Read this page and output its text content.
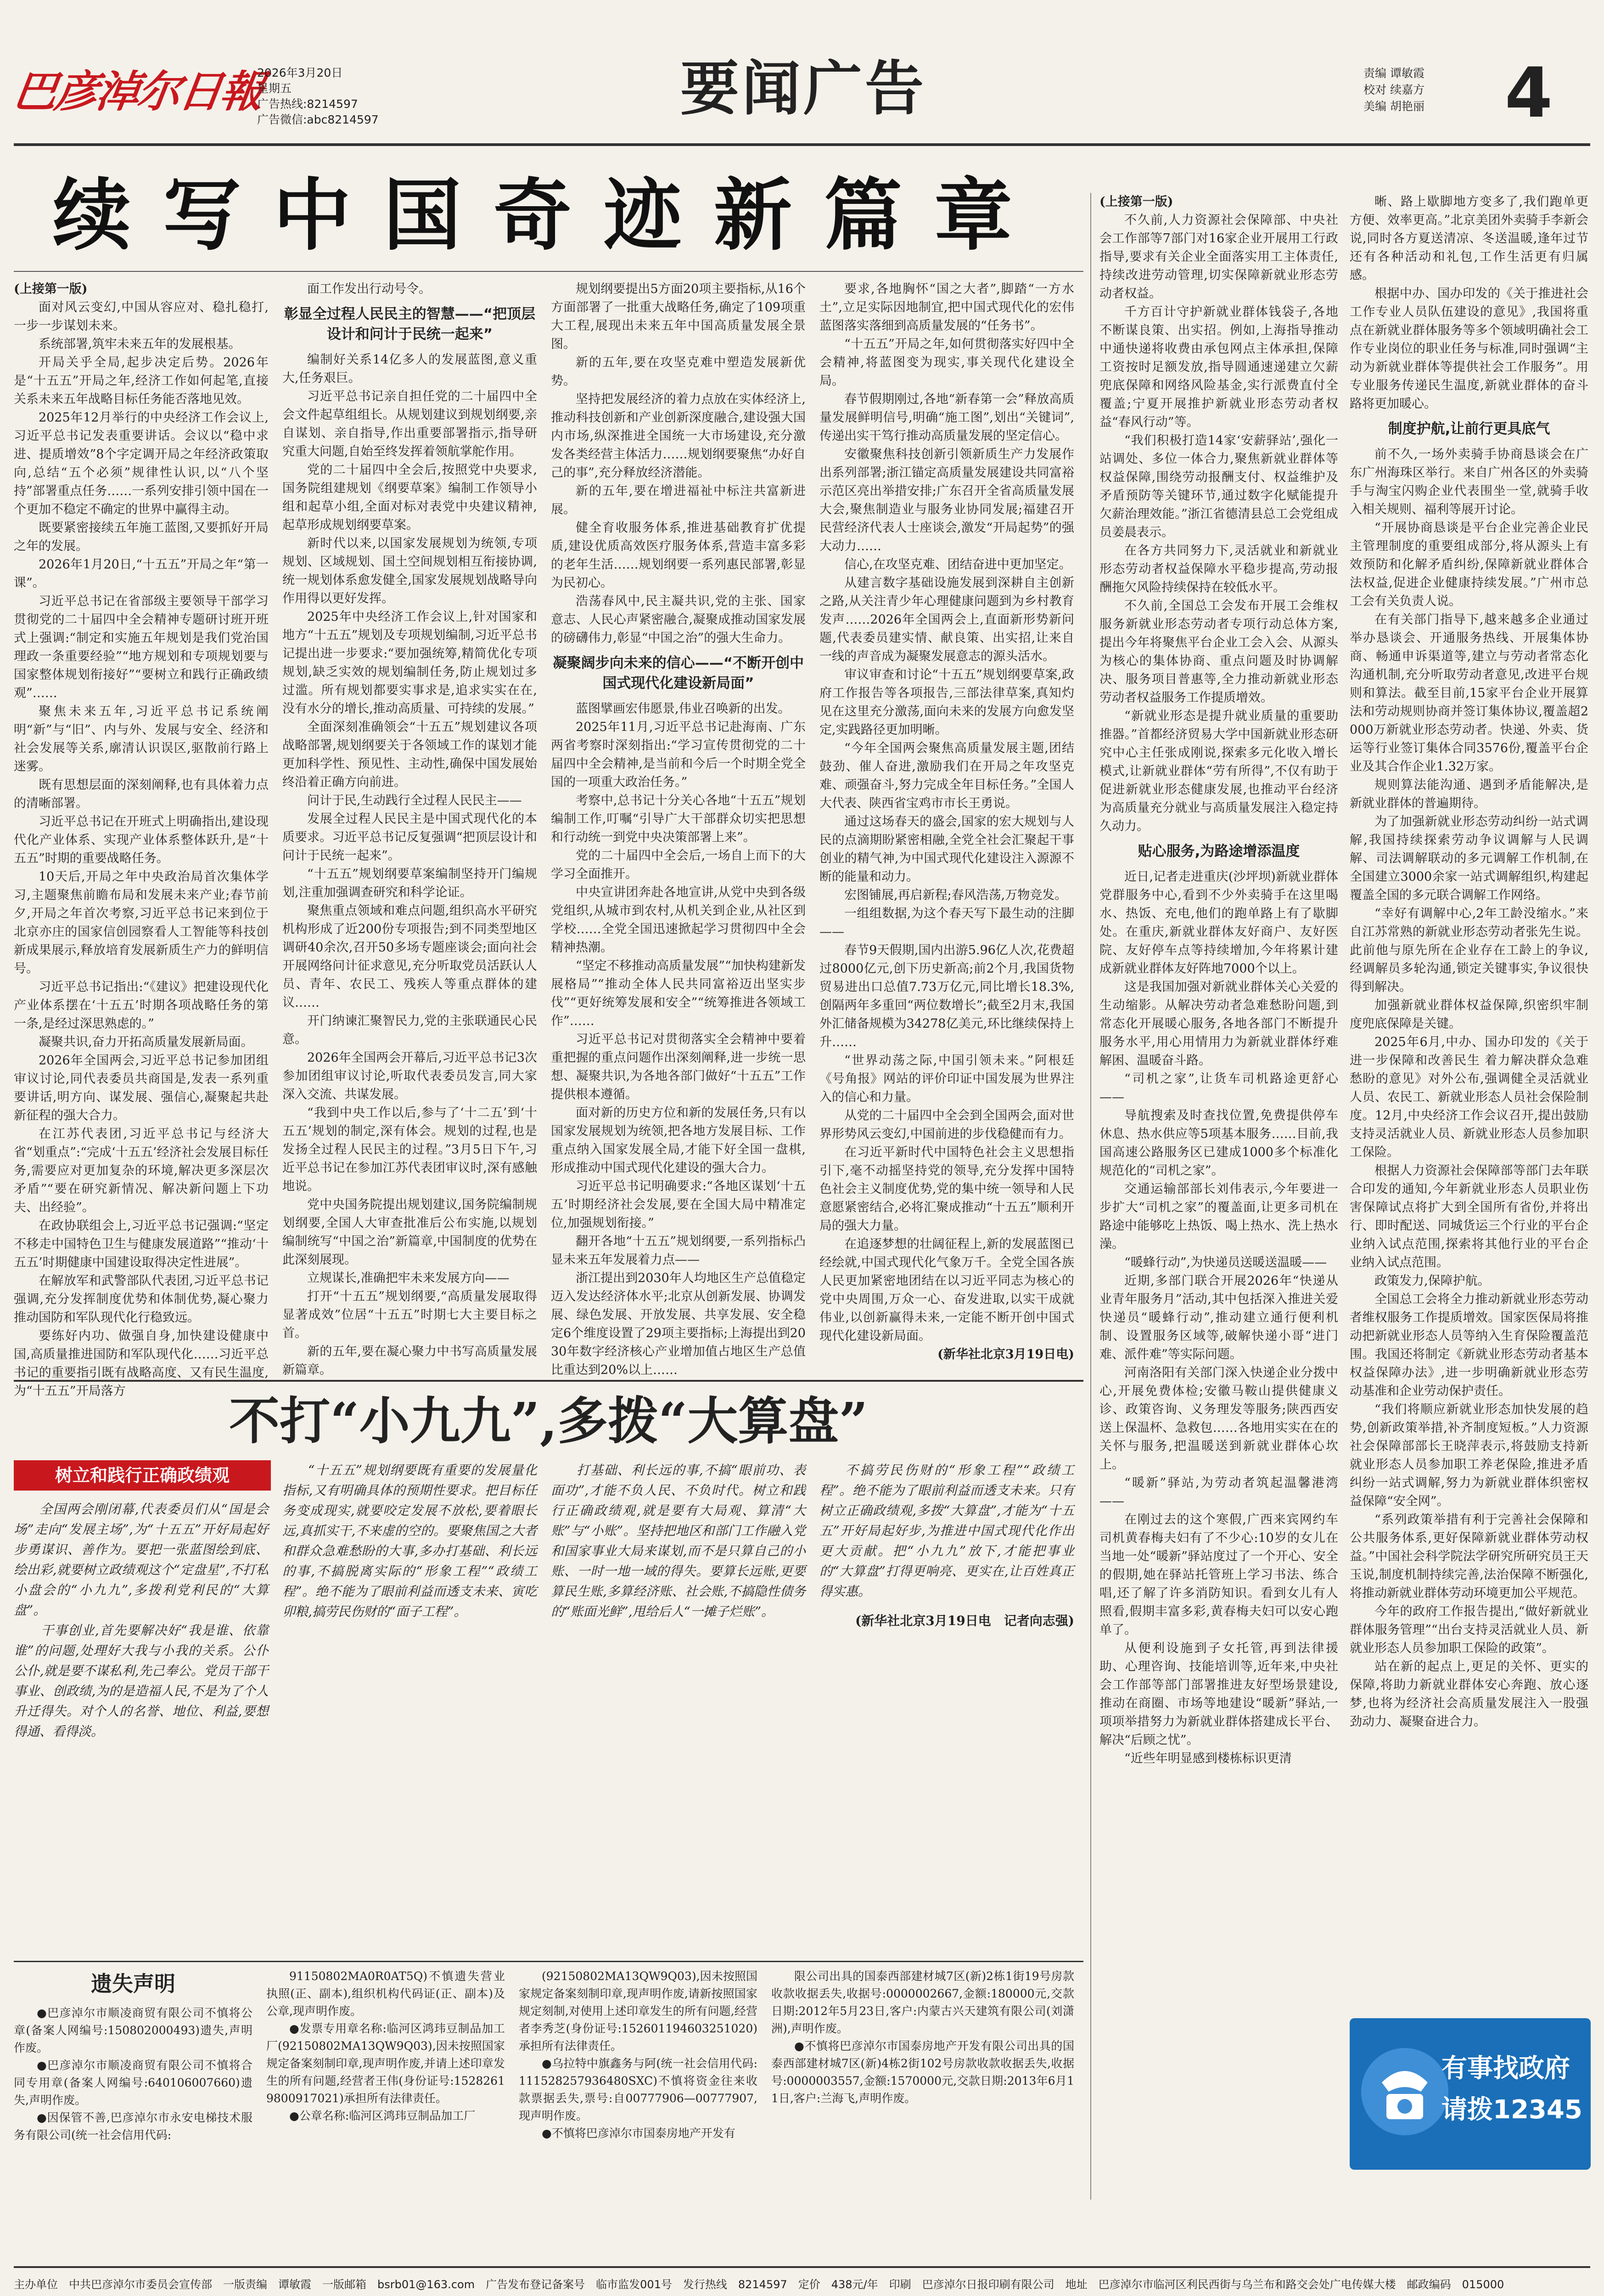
巴彦淖尔日報
2026年3月20日
星期五
广告热线:8214597
广告微信:abc8214597	要闻广告	责编 谭敏霞
校对 续嘉方
美编 胡艳丽	4
续写中国奇迹新篇章

(上接第一版)

面对风云变幻,中国从容应对、稳扎稳打,一步一步谋划未来。

系统部署,筑牢未来五年的发展根基。

开局关乎全局,起步决定后势。2026年是“十五五”开局之年,经济工作如何起笔,直接关系未来五年战略目标任务能否落地见效。

2025年12月举行的中央经济工作会议上,习近平总书记发表重要讲话。会议以“稳中求进、提质增效”8个字定调开局之年经济政策取向,总结“五个必须”规律性认识,以“八个坚持”部署重点任务……一系列安排引领中国在一个更加不稳定不确定的世界中赢得主动。

既要紧密接续五年施工蓝图,又要抓好开局之年的发展。

2026年1月20日,“十五五”开局之年“第一课”。

习近平总书记在省部级主要领导干部学习贯彻党的二十届四中全会精神专题研讨班开班式上强调:“制定和实施五年规划是我们党治国理政一条重要经验”“地方规划和专项规划要与国家整体规划衔接好”“要树立和践行正确政绩观”……

聚焦未来五年,习近平总书记系统阐明“新”与“旧”、内与外、发展与安全、经济和社会发展等关系,廓清认识误区,驱散前行路上迷雾。

既有思想层面的深刻阐释,也有具体着力点的清晰部署。

习近平总书记在开班式上明确指出,建设现代化产业体系、实现产业体系整体跃升,是“十五五”时期的重要战略任务。

10天后,开局之年中央政治局首次集体学习,主题聚焦前瞻布局和发展未来产业;春节前夕,开局之年首次考察,习近平总书记来到位于北京亦庄的国家信创园察看人工智能等科技创新成果展示,释放培育发展新质生产力的鲜明信号。

习近平总书记指出:“《建议》把建设现代化产业体系摆在‘十五五’时期各项战略任务的第一条,是经过深思熟虑的。”

凝聚共识,奋力开拓高质量发展新局面。

2026年全国两会,习近平总书记参加团组审议讨论,同代表委员共商国是,发表一系列重要讲话,明方向、谋发展、强信心,凝聚起共赴新征程的强大合力。

在江苏代表团,习近平总书记与经济大省“划重点”:“完成‘十五五’经济社会发展目标任务,需要应对更加复杂的环境,解决更多深层次矛盾”“要在研究新情况、解决新问题上下功夫、出经验”。

在政协联组会上,习近平总书记强调:“坚定不移走中国特色卫生与健康发展道路”“推动‘十五五’时期健康中国建设取得决定性进展”。

在解放军和武警部队代表团,习近平总书记强调,充分发挥制度优势和体制优势,凝心聚力推动国防和军队现代化行稳致远。

要练好内功、做强自身,加快建设健康中国,高质量推进国防和军队现代化……习近平总书记的重要指引既有战略高度、又有民生温度,为“十五五”开局落方

面工作发出行动号令。

彰显全过程人民民主的智慧——“把顶层设计和问计于民统一起来”

编制好关系14亿多人的发展蓝图,意义重大,任务艰巨。

习近平总书记亲自担任党的二十届四中全会文件起草组组长。从规划建议到规划纲要,亲自谋划、亲自指导,作出重要部署指示,指导研究重大问题,自始至终发挥着领航掌舵作用。

党的二十届四中全会后,按照党中央要求,国务院组建规划《纲要草案》编制工作领导小组和起草小组,全面对标对表党中央建议精神,起草形成规划纲要草案。

新时代以来,以国家发展规划为统领,专项规划、区域规划、国土空间规划相互衔接协调,统一规划体系愈发健全,国家发展规划战略导向作用得以更好发挥。

2025年中央经济工作会议上,针对国家和地方“十五五”规划及专项规划编制,习近平总书记提出进一步要求:“要加强统筹,精简优化专项规划,缺乏实效的规划编制任务,防止规划过多过滥。所有规划都要实事求是,追求实实在在,没有水分的增长,推动高质量、可持续的发展。”

全面深刻准确领会“十五五”规划建议各项战略部署,规划纲要关于各领域工作的谋划才能更加科学性、预见性、主动性,确保中国发展始终沿着正确方向前进。

问计于民,生动践行全过程人民民主——

发展全过程人民民主是中国式现代化的本质要求。习近平总书记反复强调“把顶层设计和问计于民统一起来”。

“十五五”规划纲要草案编制坚持开门编规划,注重加强调查研究和科学论证。

聚焦重点领域和难点问题,组织高水平研究机构形成了近200份专项报告;到不同类型地区调研40余次,召开50多场专题座谈会;面向社会开展网络问计征求意见,充分听取党员活跃认人员、青年、农民工、残疾人等重点群体的建议……

开门纳谏汇聚智民力,党的主张联通民心民意。

2026年全国两会开幕后,习近平总书记3次参加团组审议讨论,听取代表委员发言,同大家深入交流、共谋发展。

“我到中央工作以后,参与了‘十二五’到‘十五五’规划的制定,深有体会。规划的过程,也是发扬全过程人民民主的过程。”3月5日下午,习近平总书记在参加江苏代表团审议时,深有感触地说。

党中央国务院提出规划建议,国务院编制规划纲要,全国人大审查批准后公布实施,以规划编制统写“中国之治”新篇章,中国制度的优势在此深刻展现。

立规谋长,准确把牢未来发展方向——

打开“十五五”规划纲要,“高质量发展取得显著成效”位居“十五五”时期七大主要目标之首。

新的五年,要在凝心聚力中书写高质量发展新篇章。

规划纲要提出5方面20项主要指标,从16个方面部署了一批重大战略任务,确定了109项重大工程,展现出未来五年中国高质量发展全景图。

新的五年,要在攻坚克难中塑造发展新优势。

坚持把发展经济的着力点放在实体经济上,推动科技创新和产业创新深度融合,建设强大国内市场,纵深推进全国统一大市场建设,充分激发各类经营主体活力……规划纲要聚焦“办好自己的事”,充分释放经济潜能。

新的五年,要在增进福祉中标注共富新进展。

健全育收服务体系,推进基础教育扩优提质,建设优质高效医疗服务体系,营造丰富多彩的老年生活……规划纲要一系列惠民部署,彰显为民初心。

浩荡春风中,民主凝共识,党的主张、国家意志、人民心声紧密融合,凝聚成推动国家发展的磅礴伟力,彰显“中国之治”的强大生命力。

凝聚阔步向未来的信心——“不断开创中国式现代化建设新局面”

蓝图擘画宏伟愿景,伟业召唤新的出发。

2025年11月,习近平总书记赴海南、广东两省考察时深刻指出:“学习宣传贯彻党的二十届四中全会精神,是当前和今后一个时期全党全国的一项重大政治任务。”

考察中,总书记十分关心各地“十五五”规划编制工作,叮嘱“引导广大干部群众切实把思想和行动统一到党中央决策部署上来”。

党的二十届四中全会后,一场自上而下的大学习全面推开。

中央宣讲团奔赴各地宣讲,从党中央到各级党组织,从城市到农村,从机关到企业,从社区到学校……全党全国迅速掀起学习贯彻四中全会精神热潮。

“坚定不移推动高质量发展”“加快构建新发展格局”“推动全体人民共同富裕迈出坚实步伐”“更好统筹发展和安全”“统筹推进各领域工作”……

习近平总书记对贯彻落实全会精神中要着重把握的重点问题作出深刻阐释,进一步统一思想、凝聚共识,为各地各部门做好“十五五”工作提供根本遵循。

面对新的历史方位和新的发展任务,只有以国家发展规划为统领,把各地方发展目标、工作重点纳入国家发展全局,才能下好全国一盘棋,形成推动中国式现代化建设的强大合力。

习近平总书记明确要求:“各地区谋划‘十五五’时期经济社会发展,要在全国大局中精准定位,加强规划衔接。”

翻开各地“十五五”规划纲要,一系列指标凸显未来五年发展着力点——

浙江提出到2030年人均地区生产总值稳定迈入发达经济体水平;北京从创新发展、协调发展、绿色发展、开放发展、共享发展、安全稳定6个维度设置了29项主要指标;上海提出到2030年数字经济核心产业增加值占地区生产总值比重达到20%以上……

要求,各地胸怀“国之大者”,脚踏“一方水土”,立足实际因地制宜,把中国式现代化的宏伟蓝图落实落细到高质量发展的“任务书”。

“十五五”开局之年,如何贯彻落实好四中全会精神,将蓝图变为现实,事关现代化建设全局。

春节假期刚过,各地“新春第一会”释放高质量发展鲜明信号,明确“施工图”,划出“关键词”,传递出实干笃行推动高质量发展的坚定信心。

安徽聚焦科技创新引领新质生产力发展作出系列部署;浙江锚定高质量发展建设共同富裕示范区亮出举措安排;广东召开全省高质量发展大会,聚焦制造业与服务业协同发展;福建召开民营经济代表人士座谈会,激发“开局起势”的强大动力……

信心,在攻坚克难、团结奋进中更加坚定。

从建言数字基础设施发展到深耕自主创新之路,从关注青少年心理健康问题到为乡村教育发声……2026年全国两会上,直面新形势新问题,代表委员建实情、献良策、出实招,让来自一线的声音成为凝聚发展意志的源头活水。

审议审查和讨论“十五五”规划纲要草案,政府工作报告等各项报告,三部法律草案,真知灼见在这里充分激荡,面向未来的发展方向愈发坚定,实践路径更加明晰。

“今年全国两会聚焦高质量发展主题,团结鼓劲、催人奋进,激励我们在开局之年攻坚克难、顽强奋斗,努力完成全年目标任务。”全国人大代表、陕西省宝鸡市市长王勇说。

通过这场春天的盛会,国家的宏大规划与人民的点滴期盼紧密相融,全党全社会汇聚起干事创业的精气神,为中国式现代化建设注入源源不断的能量和动力。

宏图铺展,再启新程;春风浩荡,万物竞发。

一组组数据,为这个春天写下最生动的注脚——

春节9天假期,国内出游5.96亿人次,花费超过8000亿元,创下历史新高;前2个月,我国货物贸易进出口总值7.73万亿元,同比增长18.3%,创隔两年多重回“两位数增长”;截至2月末,我国外汇储备规模为34278亿美元,环比继续保持上升……

“世界动荡之际,中国引领未来。”阿根廷《号角报》网站的评价印证中国发展为世界注入的信心和力量。

从党的二十届四中全会到全国两会,面对世界形势风云变幻,中国前进的步伐稳健而有力。

在习近平新时代中国特色社会主义思想指引下,毫不动摇坚持党的领导,充分发挥中国特色社会主义制度优势,党的集中统一领导和人民意愿紧密结合,必将汇聚成推动“十五五”顺利开局的强大力量。

在追逐梦想的壮阔征程上,新的发展蓝图已经绘就,中国式现代化气象万千。全党全国各族人民更加紧密地团结在以习近平同志为核心的党中央周围,万众一心、奋发进取,以实干成就伟业,以创新赢得未来,一定能不断开创中国式现代化建设新局面。

(新华社北京3月19日电)

(上接第一版)

不久前,人力资源社会保障部、中央社会工作部等7部门对16家企业开展用工行政指导,要求有关企业全面落实用工主体责任,持续改进劳动管理,切实保障新就业形态劳动者权益。

千方百计守护新就业群体钱袋子,各地不断谋良策、出实招。例如,上海指导推动中通快递将收费由承包网点主体承担,保障工资按时足额发放,指导圆通速递建立欠薪兜底保障和网络风险基金,实行派费直付全覆盖;宁夏开展推护新就业形态劳动者权益“春风行动”等。

“我们积极打造14家‘安薪驿站’,强化一站调处、多位一体合力,聚焦新就业群体等权益保障,围绕劳动报酬支付、权益维护及矛盾预防等关键环节,通过数字化赋能提升欠薪治理效能。”浙江省德清县总工会党组成员姜晨表示。

在各方共同努力下,灵活就业和新就业形态劳动者权益保障水平稳步提高,劳动报酬拖欠风险持续保持在较低水平。

不久前,全国总工会发布开展工会维权服务新就业形态劳动者专项行动总体方案,提出今年将聚焦平台企业工会入会、从源头为核心的集体协商、重点问题及时协调解决、服务项目普惠等,全力推动新就业形态劳动者权益服务工作提质增效。

“新就业形态是提升就业质量的重要助推器。”首都经济贸易大学中国新就业形态研究中心主任张成刚说,探索多元化收入增长模式,让新就业群体“劳有所得”,不仅有助于促进新就业形态健康发展,也推动平台经济为高质量充分就业与高质量发展注入稳定持久动力。

贴心服务,为路途增添温度

近日,记者走进重庆(沙坪坝)新就业群体党群服务中心,看到不少外卖骑手在这里喝水、热饭、充电,他们的跑单路上有了歇脚处。在重庆,新就业群体友好商户、友好医院、友好停车点等持续增加,今年将累计建成新就业群体友好阵地7000个以上。

这是我国加强对新就业群体关心关爱的生动缩影。从解决劳动者急难愁盼问题,到常态化开展暖心服务,各地各部门不断提升服务水平,用心用情用力为新就业群体纾难解困、温暖奋斗路。

“司机之家”,让货车司机路途更舒心——

导航搜索及时查找位置,免费提供停车休息、热水供应等5项基本服务……目前,我国高速公路服务区已建成1000多个标准化规范化的“司机之家”。

交通运输部部长刘伟表示,今年要进一步扩大“司机之家”的覆盖面,让更多司机在路途中能够吃上热饭、喝上热水、洗上热水澡。

“暖蜂行动”,为快递员送暖送温暖——

近期,多部门联合开展2026年“快递从业青年服务月”活动,其中包括深入推进关爱快递员“暖蜂行动”,推动建立通行便利机制、设置服务区域等,破解快递小哥“进门难、派件难”等实际问题。

河南洛阳有关部门深入快递企业分拨中心,开展免费体检;安徽马鞍山提供健康义诊、政策咨询、义务理发等服务;陕西西安送上保温杯、急救包……各地用实实在在的关怀与服务,把温暖送到新就业群体心坎上。

“暖新”驿站,为劳动者筑起温馨港湾——

在刚过去的这个寒假,广西来宾网约车司机黄春梅夫妇有了不少心:10岁的女儿在当地一处“暖新”驿站度过了一个开心、安全的假期,她在驿站托管班上学习书法、练合唱,还了解了许多消防知识。看到女儿有人照看,假期丰富多彩,黄春梅夫妇可以安心跑单了。

从便利设施到子女托管,再到法律援助、心理咨询、技能培训等,近年来,中央社会工作部等部门部署推进友好型场景建设,推动在商圈、市场等地建设“暖新”驿站,一项项举措努力为新就业群体搭建成长平台、解决“后顾之忧”。

“近些年明显感到楼栋标识更清

晰、路上歇脚地方变多了,我们跑单更方便、效率更高。”北京美团外卖骑手李新会说,同时各方夏送清凉、冬送温暖,逢年过节还有各种活动和礼包,工作生活更有归属感。

根据中办、国办印发的《关于推进社会工作专业人员队伍建设的意见》,我国将重点在新就业群体服务等多个领域明确社会工作专业岗位的职业任务与标准,同时强调“主动为新就业群体等提供社会工作服务”。用专业服务传递民生温度,新就业群体的奋斗路将更加暖心。

制度护航,让前行更具底气

前不久,一场外卖骑手协商恳谈会在广东广州海珠区举行。来自广州各区的外卖骑手与淘宝闪购企业代表围坐一堂,就骑手收入相关规则、福利等展开讨论。

“开展协商恳谈是平台企业完善企业民主管理制度的重要组成部分,将从源头上有效预防和化解矛盾纠纷,保障新就业群体合法权益,促进企业健康持续发展。”广州市总工会有关负责人说。

在有关部门指导下,越来越多企业通过举办恳谈会、开通服务热线、开展集体协商、畅通申诉渠道等,建立与劳动者常态化沟通机制,充分听取劳动者意见,改进平台规则和算法。截至目前,15家平台企业开展算法和劳动规则协商并签订集体协议,覆盖超2000万新就业形态劳动者。快递、外卖、货运等行业签订集体合同3576份,覆盖平台企业及其合作企业1.32万家。

规则算法能沟通、遇到矛盾能解决,是新就业群体的普遍期待。

为了加强新就业形态劳动纠纷一站式调解,我国持续探索劳动争议调解与人民调解、司法调解联动的多元调解工作机制,在全国建立3000余家一站式调解组织,构建起覆盖全国的多元联合调解工作网络。

“幸好有调解中心,2年工龄没缩水。”来自江苏常熟的新就业形态劳动者张先生说。此前他与原先所在企业存在工龄上的争议,经调解员多轮沟通,锁定关键事实,争议很快得到解决。

加强新就业群体权益保障,织密织牢制度兜底保障是关键。

2025年6月,中办、国办印发的《关于进一步保障和改善民生 着力解决群众急难愁盼的意见》对外公布,强调健全灵活就业人员、农民工、新就业形态人员社会保险制度。12月,中央经济工作会议召开,提出鼓励支持灵活就业人员、新就业形态人员参加职工保险。

根据人力资源社会保障部等部门去年联合印发的通知,今年新就业形态人员职业伤害保障试点将扩大到全国所有省份,并将出行、即时配送、同城货运三个行业的平台企业纳入试点范围,探索将其他行业的平台企业纳入试点范围。

政策发力,保障护航。

全国总工会将全力推动新就业形态劳动者维权服务工作提质增效。国家医保局将推动把新就业形态人员等纳入生育保险覆盖范围。我国还将制定《新就业形态劳动者基本权益保障办法》,进一步明确新就业形态劳动基准和企业劳动保护责任。

“我们将顺应新就业形态加快发展的趋势,创新政策举措,补齐制度短板。”人力资源社会保障部部长王晓萍表示,将鼓励支持新就业形态人员参加职工养老保险,推进矛盾纠纷一站式调解,努力为新就业群体织密权益保障“安全网”。

“系列政策举措有利于完善社会保障和公共服务体系,更好保障新就业群体劳动权益。”中国社会科学院法学研究所研究员王天玉说,制度机制持续完善,法治保障不断强化,将推动新就业群体劳动环境更加公平规范。

今年的政府工作报告提出,“做好新就业群体服务管理”“出台支持灵活就业人员、新就业形态人员参加职工保险的政策”。

站在新的起点上,更足的关怀、更实的保障,将助力新就业群体安心奔跑、放心逐梦,也将为经济社会高质量发展注入一股强劲动力、凝聚奋进合力。

有事找政府
请拨12345
不打“小九九”,多拨“大算盘”
树立和践行正确政绩观

全国两会刚闭幕,代表委员们从“国是会场”走向“发展主场”,为“十五五”开好局起好步勇谋识、善作为。要把一张蓝图绘到底、绘出彩,就要树立政绩观这个“定盘星”,不打私小盘会的“小九九”,多拨利党利民的“大算盘”。
　　干事创业,首先要解决好“我是谁、依靠谁”的问题,处理好大我与小我的关系。公仆公仆,就是要不谋私利,先己奉公。党员干部干事业、创政绩,为的是造福人民,不是为了个人升迁得失。对个人的名誉、地位、利益,要想得通、看得淡。

“十五五”规划纲要既有重要的发展量化指标,又有明确具体的预期性要求。把目标任务变成现实,就要咬定发展不放松,要着眼长远,真抓实干,不来虚的空的。要聚焦国之大者和群众急难愁盼的大事,多办打基础、利长远的事,不搞脱离实际的“形象工程”“政绩工程”。绝不能为了眼前利益而透支未来、寅吃卯粮,搞劳民伤财的“面子工程”。

打基础、利长远的事,不搞“眼前功、表面功”,才能不负人民、不负时代。树立和践行正确政绩观,就是要有大局观、算清“大账”与“小账”。坚持把地区和部门工作融入党和国家事业大局来谋划,而不是只算自己的小账、一时一地一域的得失。要算长远账,更要算民生账,多算经济账、社会账,不搞隐性债务的“账面光鲜”,甩给后人“一摊子烂账”。

不搞劳民伤财的“形象工程”“政绩工程”。绝不能为了眼前利益而透支未来。只有树立正确政绩观,多拨“大算盘”,才能为“十五五”开好局起好步,为推进中国式现代化作出更大贡献。把“小九九”放下,才能把事业的“大算盘”打得更响亮、更实在,让百姓真正得实惠。

(新华社北京3月19日电　记者向志强)

遗失声明

●巴彦淖尔市顺凌商贸有限公司不慎将公章(备案人网编号:150802000493)遗失,声明作废。

●巴彦淖尔市顺凌商贸有限公司不慎将合同专用章(备案人网编号:640106007660)遗失,声明作废。

●因保管不善,巴彦淖尔市永安电梯技术服务有限公司(统一社会信用代码:

91150802MA0R0AT5Q)不慎遗失营业执照(正、副本),组织机构代码证(正、副本)及公章,现声明作废。

●发票专用章名称:临河区鸿玮豆制品加工厂(92150802MA13QW9Q03),因未按照国家规定备案刻制印章,现声明作废,并请上述印章发生的所有问题,经营者王伟(身份证号:15282619800917021)承担所有法律责任。

●公章名称:临河区鸿玮豆制品加工厂

(92150802MA13QW9Q03),因未按照国家规定备案刻制印章,现声明作废,请新按照国家规定刻制,对使用上述印章发生的所有问题,经营者李秀芝(身份证号:152601194603251020)承担所有法律责任。

●乌拉特中旗鑫务与阿(统一社会信用代码:111528257936480SXC)不慎将资金往来收款票据丢失,票号:自00777906—00777907,现声明作废。

●不慎将巴彦淖尔市国泰房地产开发有

限公司出具的国泰西部建材城7区(新)2栋1街19号房款收款收据丢失,收据号:0000002667,金额:180000元,交款日期:2012年5月23日,客户:内蒙古兴天建筑有限公司(刘潇洲),声明作废。

●不慎将巴彦淖尔市国泰房地产开发有限公司出具的国泰西部建材城7区(新)4栋2街102号房款收款收据丢失,收据号:0000003557,金额:1570000元,交款日期:2013年6月11日,客户:兰海飞,声明作废。

主办单位　中共巴彦淖尔市委员会宣传部　一版责编　谭敏霞　一版邮箱　bsrb01@163.com　广告发布登记备案号　临市监发001号　发行热线　8214597　定价　438元/年　印刷　巴彦淖尔日报印刷有限公司　地址　巴彦淖尔市临河区利民西街与乌兰布和路交会处广电传媒大楼　邮政编码　015000
